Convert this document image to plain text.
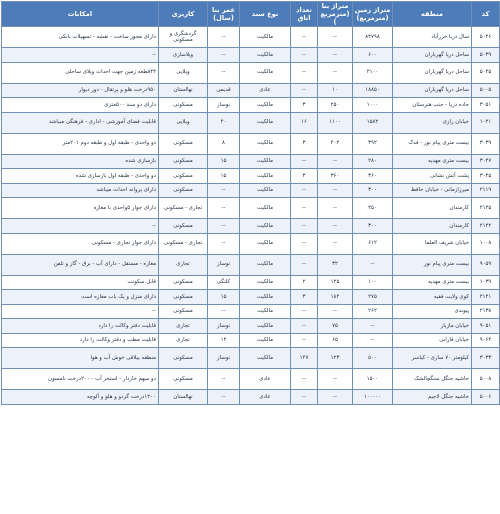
کد	منطقه	متراژ زمین (مترمربع)	متراژ بنا (مترمربع)	تعداد اتاق	نوع سند	عمر بنا (سال)	کاربری	امکانات
۵۰۴۶	سال دریا خزرآباد	۸۴۷۹۸	--	--	مالکیت	--	گردشگری و مسکونی	دارای مجوز ساخت - نقشه - تسهیلات بانکی
۵۰۳۹	ساحل دریا گهرباران	۶۰۰	--	--	مالکیت	--	ویلاسازی	--
۵۰۴۵	ساحل دریا گهرباران	۲۱۰۰	--	--	مالکیت	--	ویلایی	۴۴قطعه زمین جهت احداث ویلای ساحلی
۵۰۰۵	ساحل دریا گهرباران	۱۸۸۵۰	۱۰	--	عادی	قدیمی	نهالستان	۹۵۰درخت هلو و پرتقال - دور دیوار
۳۰۵۱	جاده دریا - جنب هنرستان	۱۰۰۰	۲۵۰	۳	مالکیت	نوساز	مسکونی	دارای دو سند ۵۰۰متری
۱۰۴۱	خیابان رازی	۱۵۸۲	۱۱۰۰	۱۶	مالکیت	۴۰	ویلایی	قابلیت فضای آموزشی - اداری - فرهنگی میباشد
۳۰۳۹	بیست متری پیام نور - فدک	۳۹۲	۴۰۲	۳	مالکیت	۸	مسکونی	دو واحدی - طبقه اول و طبقه دوم ۲۰۱متر
۳۰۴۷	بیست متری مهدیه	۲۸۰	--	--	مالکیت	۱۵	مسکونی	بازسازی شده
۳۰۴۵	پشت آتش نشانی	۳۶۰	۳۶۰	۳	مالکیت	۱۵	مسکونی	دو واحدی - طبقه اول بازسازی شده
۲۱۱۹	میرزازمانی - خیابان حافظ	۳۰۰	--	--	مالکیت	--	مسکونی	دارای پروانه احداث میباشد
۲۱۴۵	کارمندان	۴۵۰	--	--	مالکیت	--	تجاری - مسکونی	دارای جواز ۵واحدی با مغازه
۲۱۴۲	کارمندان	۳۰۰	--	--	مالکیت	--	مسکونی	--
۱۰۰۸	خیابان شریف العلما	۶۱۲	--	--	مالکیت	--	تجاری - مسکونی	دارای جواز تجاری - مسکونی
۹۰۵۹	بیست متری پیام نور	--	۳۲	--	مالکیت	نوساز	تجاری	مغازه - مستقل - دارای آب - برق - گاز و تلفن
۱۰۳۹	بیست متری مهدیه	۱۰۰	۱۲۵	۲	مالکیت	کلنگی	مسکونی	قابل سکونت
۲۱۴۱	کوی ولایت فقیه	۲۷۵	۱۸۴	۳	مالکیت	۱۵	مسکونی	دارای منزل و یک باب مغازه است
۲۱۳۸	پیوندی	۲۶۲	--	--	مالکیت	--	مسکونی	--
۹۰۵۱	خیابان مازیار	--	۷۵	--	مالکیت	نوساز	تجاری	قابلیت دفتر وکالت را دارد
۹۰۶۴	خیابان فارابی	--	۶۵	--	مالکیت	۱۴	تجاری	قابلیت مطب و دفتر وکالت را دارد
۳۰۳۳	کیلومتر ۷۰ ساری - کیاسر	۵۰۰	۱۲۳	۱۴۷	مالکیت	نوساز	مسکونی	منطقه ییلاقی خوش آب و هوا
۵۰۰۸	حاشیه جنگل سنگچالشک	۱۵۰۰	--	--	عادی	--	مسکونی	دو سهم خاردار - استخر آب - ۲۰۰درخت نامسون
۵۰۰۶	حاشیه جنگل لاجیم	۱۰۰۰۰۰	--	--	عادی	--	نهالستان	۱۲۰۰درخت گردو و هلو و آلوچه
